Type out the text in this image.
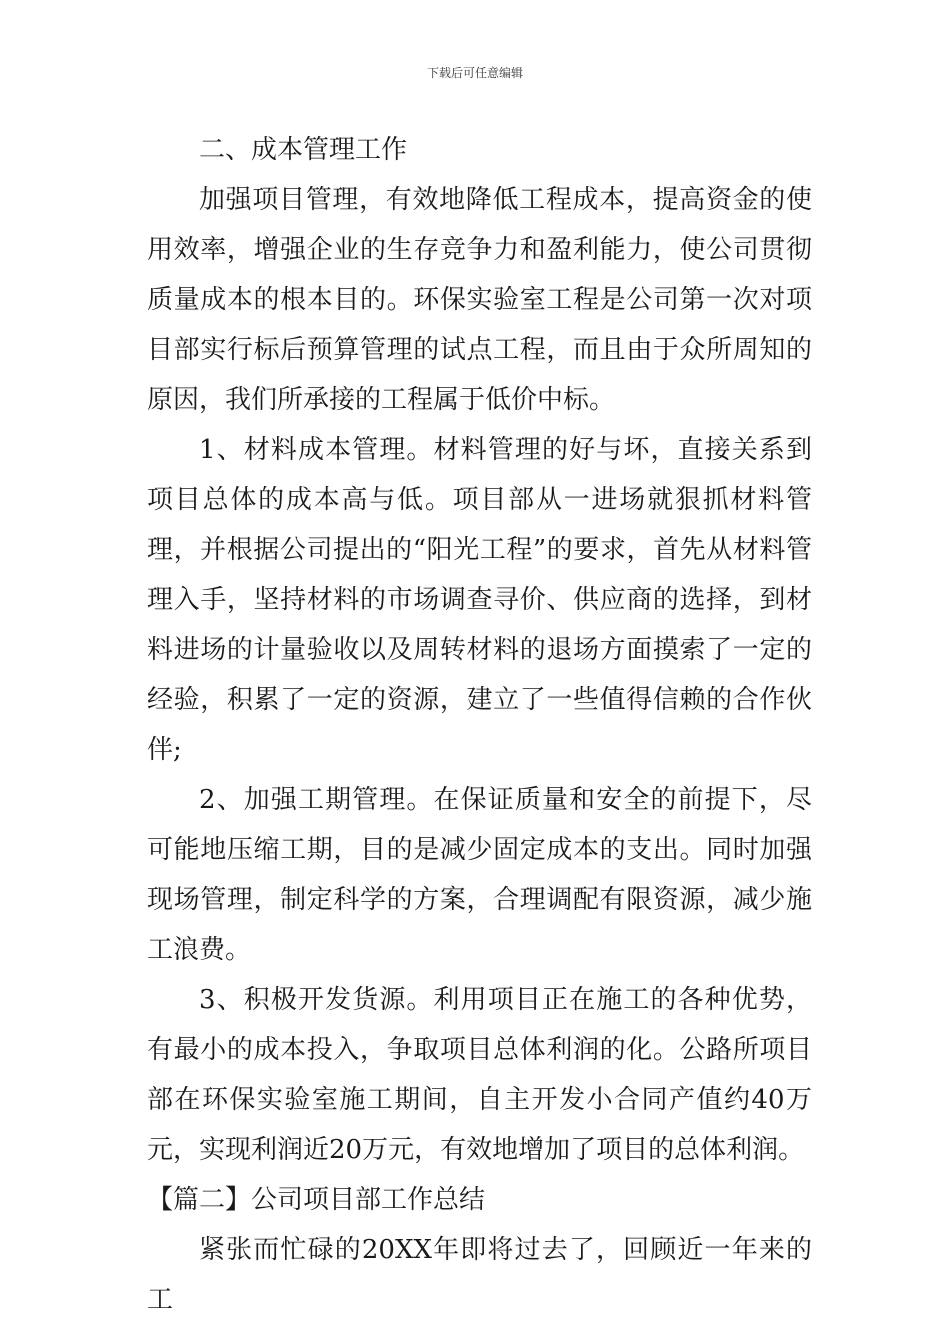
下载后可任意编辑

二、成本管理工作

加强项目管理，有效地降低工程成本，提高资金的使用效率，增强企业的生存竞争力和盈利能力，使公司贯彻质量成本的根本目的。环保实验室工程是公司第一次对项目部实行标后预算管理的试点工程，而且由于众所周知的原因，我们所承接的工程属于低价中标。

1、材料成本管理。材料管理的好与坏，直接关系到项目总体的成本高与低。项目部从一进场就狠抓材料管理，并根据公司提出的“阳光工程”的要求，首先从材料管理入手，坚持材料的市场调查寻价、供应商的选择，到材料进场的计量验收以及周转材料的退场方面摸索了一定的经验，积累了一定的资源，建立了一些值得信赖的合作伙伴;

2、加强工期管理。在保证质量和安全的前提下，尽可能地压缩工期，目的是减少固定成本的支出。同时加强现场管理，制定科学的方案，合理调配有限资源，减少施工浪费。

3、积极开发货源。利用项目正在施工的各种优势，有最小的成本投入，争取项目总体利润的化。公路所项目部在环保实验室施工期间，自主开发小合同产值约40万元，实现利润近20万元，有效地增加了项目的总体利润。

【篇二】公司项目部工作总结

紧张而忙碌的20XX年即将过去了，回顾近一年来的工
